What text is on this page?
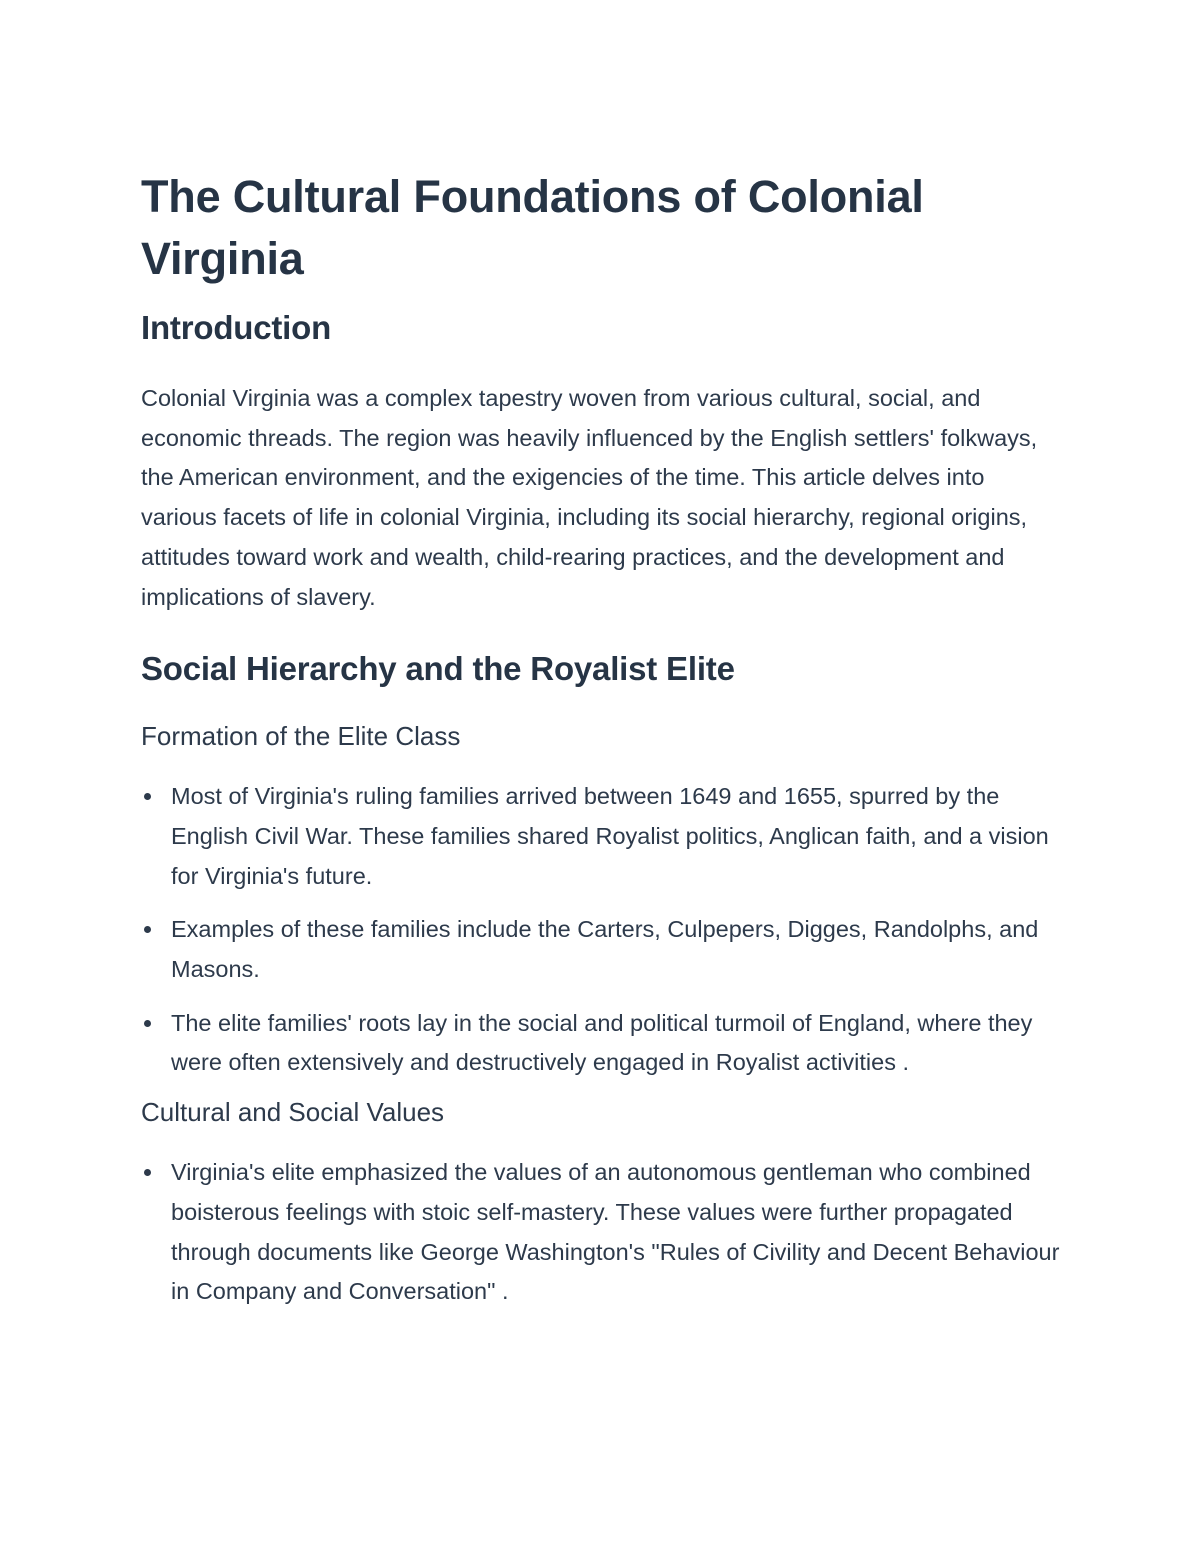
The Cultural Foundations of Colonial Virginia
Introduction

Colonial Virginia was a complex tapestry woven from various cultural, social, and economic threads. The region was heavily influenced by the English settlers' folkways, the American environment, and the exigencies of the time. This article delves into various facets of life in colonial Virginia, including its social hierarchy, regional origins, attitudes toward work and wealth, child-rearing practices, and the development and implications of slavery.

Social Hierarchy and the Royalist Elite
Formation of the Elite Class
Most of Virginia's ruling families arrived between 1649 and 1655, spurred by the English Civil War. These families shared Royalist politics, Anglican faith, and a vision for Virginia's future.
Examples of these families include the Carters, Culpepers, Digges, Randolphs, and Masons.
The elite families' roots lay in the social and political turmoil of England, where they were often extensively and destructively engaged in Royalist activities .
Cultural and Social Values
Virginia's elite emphasized the values of an autonomous gentleman who combined boisterous feelings with stoic self-mastery. These values were further propagated through documents like George Washington's "Rules of Civility and Decent Behaviour in Company and Conversation" .
